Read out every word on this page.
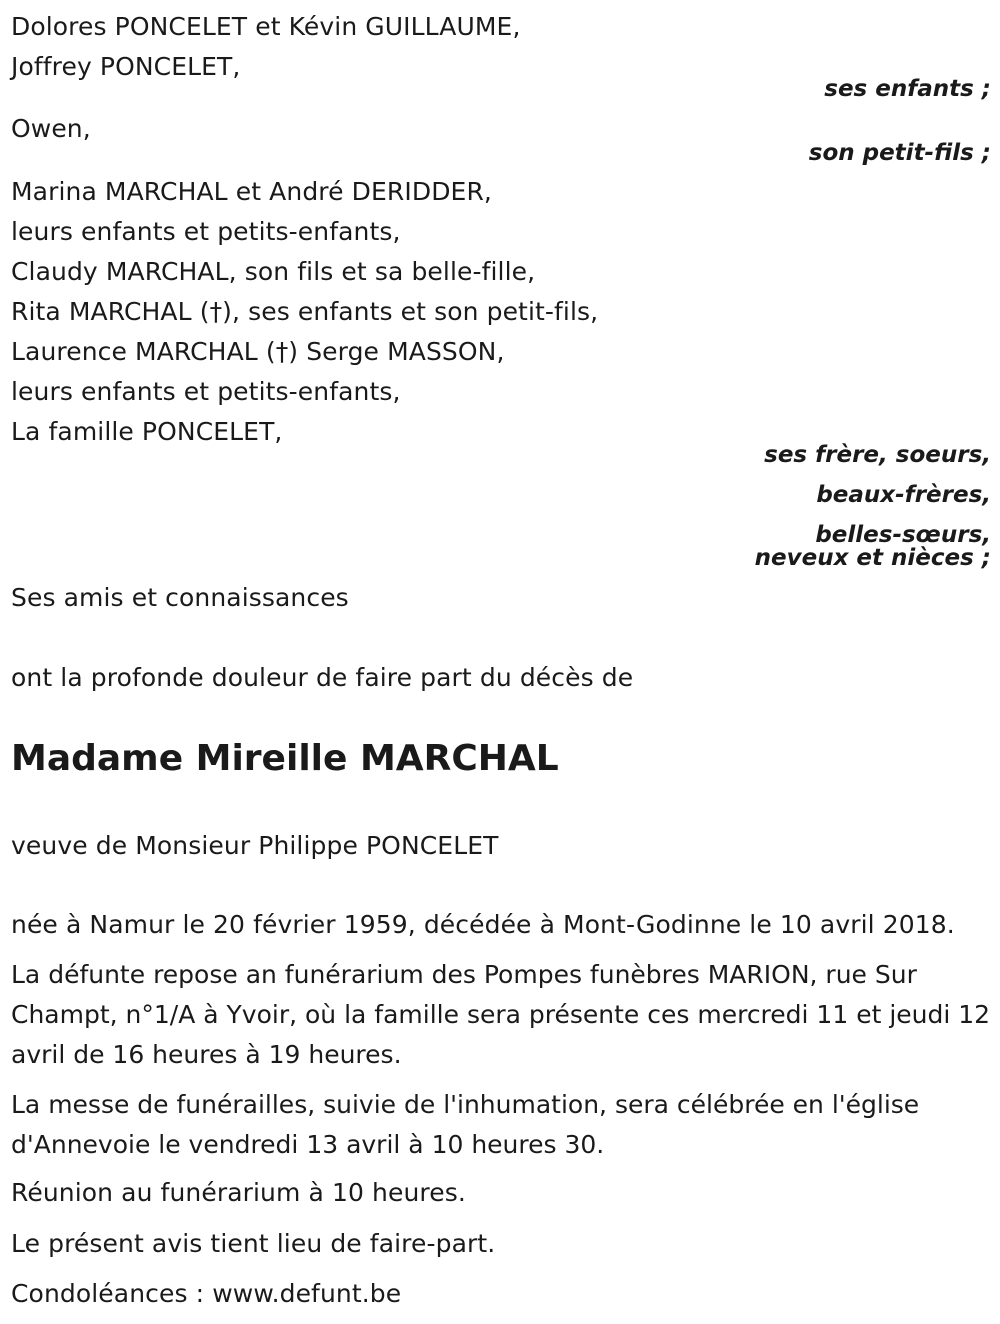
Dolores PONCELET et Kévin GUILLAUME,
Joffrey PONCELET,
ses enfants ;
Owen,
son petit-fils ;
Marina MARCHAL et André DERIDDER,
leurs enfants et petits-enfants,
Claudy MARCHAL, son fils et sa belle-fille,
Rita MARCHAL (†), ses enfants et son petit-fils,
Laurence MARCHAL (†) Serge MASSON,
leurs enfants et petits-enfants,
La famille PONCELET,
ses frère, soeurs,
beaux-frères,
belles-sœurs,
neveux et nièces ;
Ses amis et connaissances
ont la profonde douleur de faire part du décès de
Madame Mireille MARCHAL
veuve de Monsieur Philippe PONCELET
née à Namur le 20 février 1959, décédée à Mont-Godinne le 10 avril 2018.
La défunte repose an funérarium des Pompes funèbres MARION, rue Sur Champt, n°1/A à Yvoir, où la famille sera présente ces mercredi 11 et jeudi 12 avril de 16 heures à 19 heures.
La messe de funérailles, suivie de l'inhumation, sera célébrée en l'église d'Annevoie le vendredi 13 avril à 10 heures 30.
Réunion au funérarium à 10 heures.
Le présent avis tient lieu de faire-part.
Condoléances : www.defunt.be
